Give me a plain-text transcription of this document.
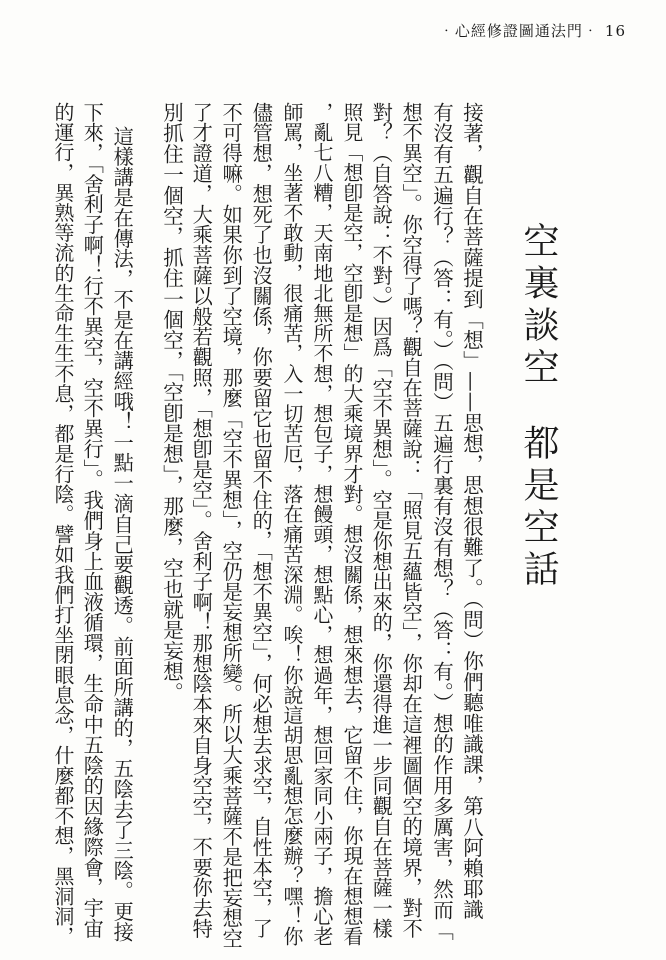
‧心經修證圖通法門‧ 16
空裏談空都是空話
接著，觀自在菩薩提到「想」——思想，思想很難了。（問）你們聽唯識課，第八阿賴耶識
有沒有五遍行？（答：有。）（問）五遍行裏有沒有想？（答：有。）想的作用多厲害，然而「
想不異空」。你空得了嗎？觀自在菩薩說：「照見五蘊皆空」，你却在這裡圖個空的境界，對不
對？（自答說：不對。）因爲「空不異想」。空是你想出來的，你還得進一步同觀自在菩薩一樣
照見「想卽是空，空卽是想」的大乘境界才對。想沒關係，想來想去，它留不住，你現在想想看
，亂七八糟，天南地北無所不想，想包子，想饅頭，想點心，想過年，想回家同小兩子，擔心老
師罵，坐著不敢動，很痛苦，入一切苦厄，落在痛苦深淵。唉！你說這胡思亂想怎麼辦？嘿！你
儘管想，想死了也沒關係，你要留它也留不住的，「想不異空」，何必想去求空，自性本空，了
不可得嘛。如果你到了空境，那麼「空不異想」，空仍是妄想所變。所以大乘菩薩不是把妄想空
了才證道，大乘菩薩以般若觀照，「想卽是空」。舍利子啊！那想陰本來自身空空，不要你去特
別抓住一個空，抓住一個空，「空卽是想」，那麼，空也就是妄想。
這樣講是在傳法，不是在講經哦！一點一滴自己要觀透。前面所講的，五陰去了三陰。更接
下來，「舍利子啊！行不異空，空不異行」。我們身上血液循環，生命中五陰的因緣際會，宇宙
的運行，異熟等流的生命生生不息，都是行陰。譬如我們打坐閉眼息念，什麼都不想，黑洞洞，
